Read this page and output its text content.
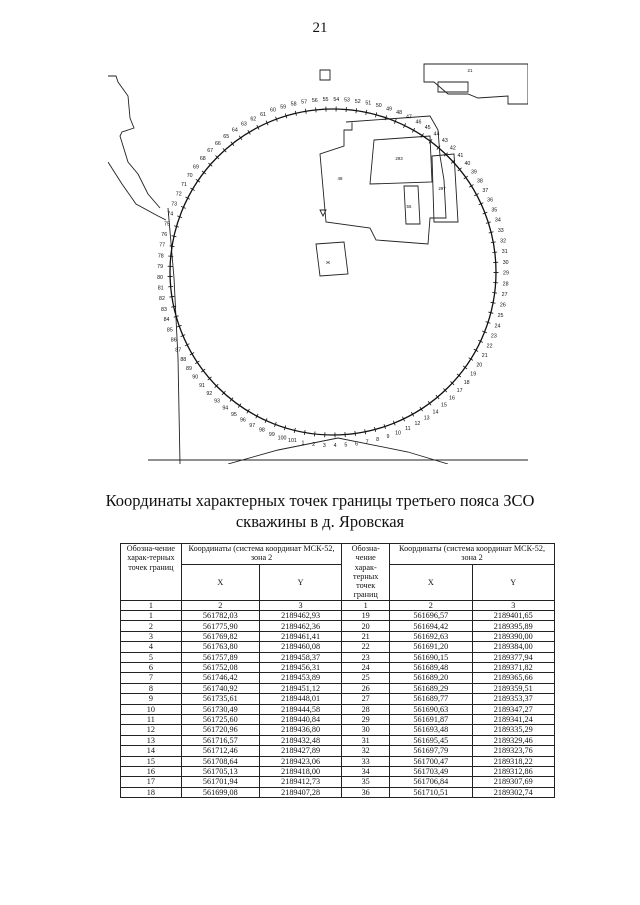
21
21
293
297
48
55
Ж
1 2 3 4 5 6 7 8
9
10
11
12
13
14
15
16
17
18
19
20
21
22
23
24
25
26
27
28
29
30
31
32
33
34
35
36
37
38
39
40
41
42
43
44
45
46
47
48
49
50
51
52
53
54
55
56
57
58
59
60
61
62
63
64
65
66
67
68
69
70
71
72
73
74
75
76
77
78
79
80
81
82
83
84
85
86
87
88
89
90
91
92
93
94
95
96
97
98
99
100 101
Координаты характерных точек границы третьего пояса ЗСО
скважины в д. Яровская
Обозна-чение харак-терных точек границ	Координаты (система координат МСК-52, зона 2		Обозна-чение харак-терных точек границ	Координаты (система координат МСК-52, зона 2	
	X	Y		X	Y
1	2	3	1	2	3
1	561782,03	2189462,93	19	561696,57	2189401,65
2	561775,90	2189462,36	20	561694,42	2189395,89
3	561769,82	2189461,41	21	561692,63	2189390,00
4	561763,80	2189460,08	22	561691,20	2189384,00
5	561757,89	2189458,37	23	561690,15	2189377,94
6	561752,08	2189456,31	24	561689,48	2189371,82
7	561746,42	2189453,89	25	561689,20	2189365,66
8	561740,92	2189451,12	26	561689,29	2189359,51
9	561735,61	2189448,01	27	561689,77	2189353,37
10	561730,49	2189444,58	28	561690,63	2189347,27
11	561725,60	2189440,84	29	561691,87	2189341,24
12	561720,96	2189436,80	30	561693,48	2189335,29
13	561716,57	2189432,48	31	561695,45	2189329,46
14	561712,46	2189427,89	32	561697,79	2189323,76
15	561708,64	2189423,06	33	561700,47	2189318,22
16	561705,13	2189418,00	34	561703,49	2189312,86
17	561701,94	2189412,73	35	561706,84	2189307,69
18	561699,08	2189407,28	36	561710,51	2189302,74
